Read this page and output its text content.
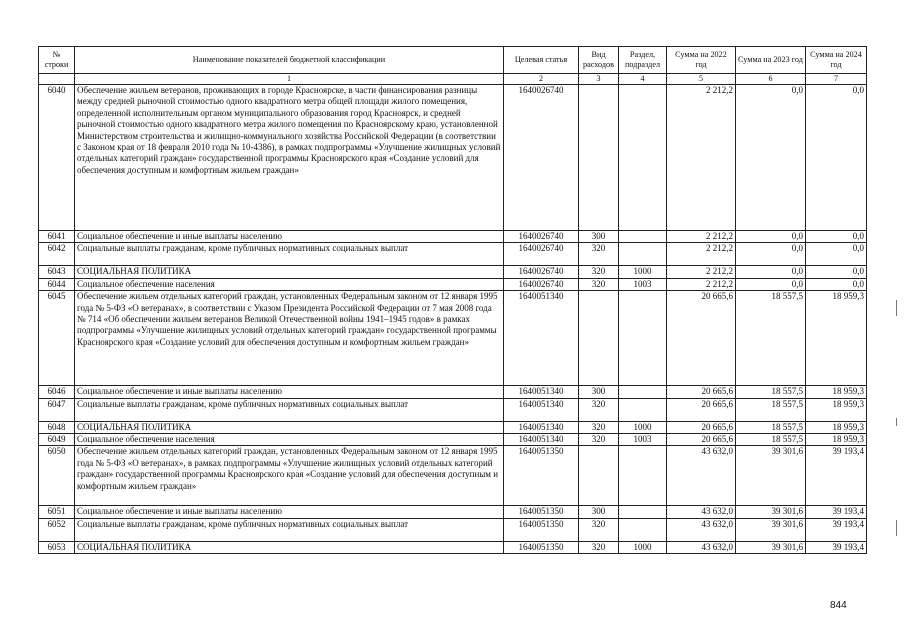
№ строки	Наименование показателей бюджетной классификации	Целевая статья	Вид расходов	Раздел, подраздел	Сумма на 2022 год	Сумма на 2023 год	Сумма на 2024 год
	1	2	3	4	5	6	7
6040	Обеспечение жильем ветеранов, проживающих в городе Красноярске, в части финансирования разницы между средней рыночной стоимостью одного квадратного метра общей площади жилого помещения, определенной исполнительным органом муниципального образования город Красноярск, и средней рыночной стоимостью одного квадратного метра жилого помещения по Красноярскому краю, установленной Министерством строительства и жилищно-коммунального хозяйства Российской Федерации (в соответствии с Законом края от 18 февраля 2010 года № 10-4386), в рамках подпрограммы «Улучшение жилищных условий отдельных категорий граждан» государственной программы Красноярского края «Создание условий для обеспечения доступным и комфортным жильем граждан»	1640026740			2 212,2	0,0	0,0
6041	Социальное обеспечение и иные выплаты населению	1640026740	300		2 212,2	0,0	0,0
6042	Социальные выплаты гражданам, кроме публичных нормативных социальных выплат	1640026740	320		2 212,2	0,0	0,0
6043	СОЦИАЛЬНАЯ ПОЛИТИКА	1640026740	320	1000	2 212,2	0,0	0,0
6044	Социальное обеспечение населения	1640026740	320	1003	2 212,2	0,0	0,0
6045	Обеспечение жильем отдельных категорий граждан, установленных Федеральным законом от 12 января 1995 года № 5-ФЗ «О ветеранах», в соответствии с Указом Президента Российской Федерации от 7 мая 2008 года № 714 «Об обеспечении жильем ветеранов Великой Отечественной войны 1941–1945 годов» в рамках подпрограммы «Улучшение жилищных условий отдельных категорий граждан» государственной программы Красноярского края «Создание условий для обеспечения доступным и комфортным жильем граждан»	1640051340			20 665,6	18 557,5	18 959,3
6046	Социальное обеспечение и иные выплаты населению	1640051340	300		20 665,6	18 557,5	18 959,3
6047	Социальные выплаты гражданам, кроме публичных нормативных социальных выплат	1640051340	320		20 665,6	18 557,5	18 959,3
6048	СОЦИАЛЬНАЯ ПОЛИТИКА	1640051340	320	1000	20 665,6	18 557,5	18 959,3
6049	Социальное обеспечение населения	1640051340	320	1003	20 665,6	18 557,5	18 959,3
6050	Обеспечение жильем отдельных категорий граждан, установленных Федеральным законом от 12 января 1995 года № 5-ФЗ «О ветеранах», в рамках подпрограммы «Улучшение жилищных условий отдельных категорий граждан» государственной программы Красноярского края «Создание условий для обеспечения доступным и комфортным жильем граждан»	1640051350			43 632,0	39 301,6	39 193,4
6051	Социальное обеспечение и иные выплаты населению	1640051350	300		43 632,0	39 301,6	39 193,4
6052	Социальные выплаты гражданам, кроме публичных нормативных социальных выплат	1640051350	320		43 632,0	39 301,6	39 193,4
6053	СОЦИАЛЬНАЯ ПОЛИТИКА	1640051350	320	1000	43 632,0	39 301,6	39 193,4
844
